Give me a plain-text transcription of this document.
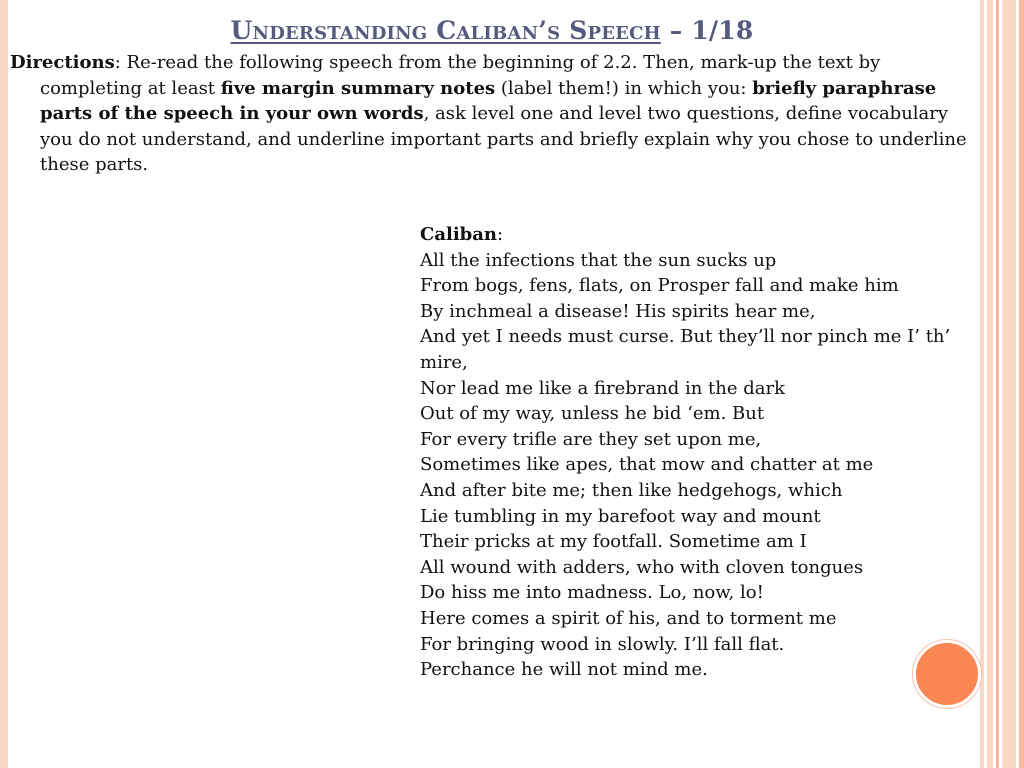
Understanding Caliban’s Speech – 1/18
Directions: Re-read the following speech from the beginning of 2.2. Then, mark-up the text by completing at least five margin summary notes (label them!) in which you: briefly paraphrase parts of the speech in your own words, ask level one and level two questions, define vocabulary you do not understand, and underline important parts and briefly explain why you chose to underline these parts.
Caliban:
All the infections that the sun sucks up
From bogs, fens, flats, on Prosper fall and make him
By inchmeal a disease! His spirits hear me,
And yet I needs must curse. But they’ll nor pinch me I’ th’
mire,
Nor lead me like a firebrand in the dark
Out of my way, unless he bid ‘em. But
For every trifle are they set upon me,
Sometimes like apes, that mow and chatter at me
And after bite me; then like hedgehogs, which
Lie tumbling in my barefoot way and mount
Their pricks at my footfall. Sometime am I
All wound with adders, who with cloven tongues
Do hiss me into madness. Lo, now, lo!
Here comes a spirit of his, and to torment me
For bringing wood in slowly. I’ll fall flat.
Perchance he will not mind me.
